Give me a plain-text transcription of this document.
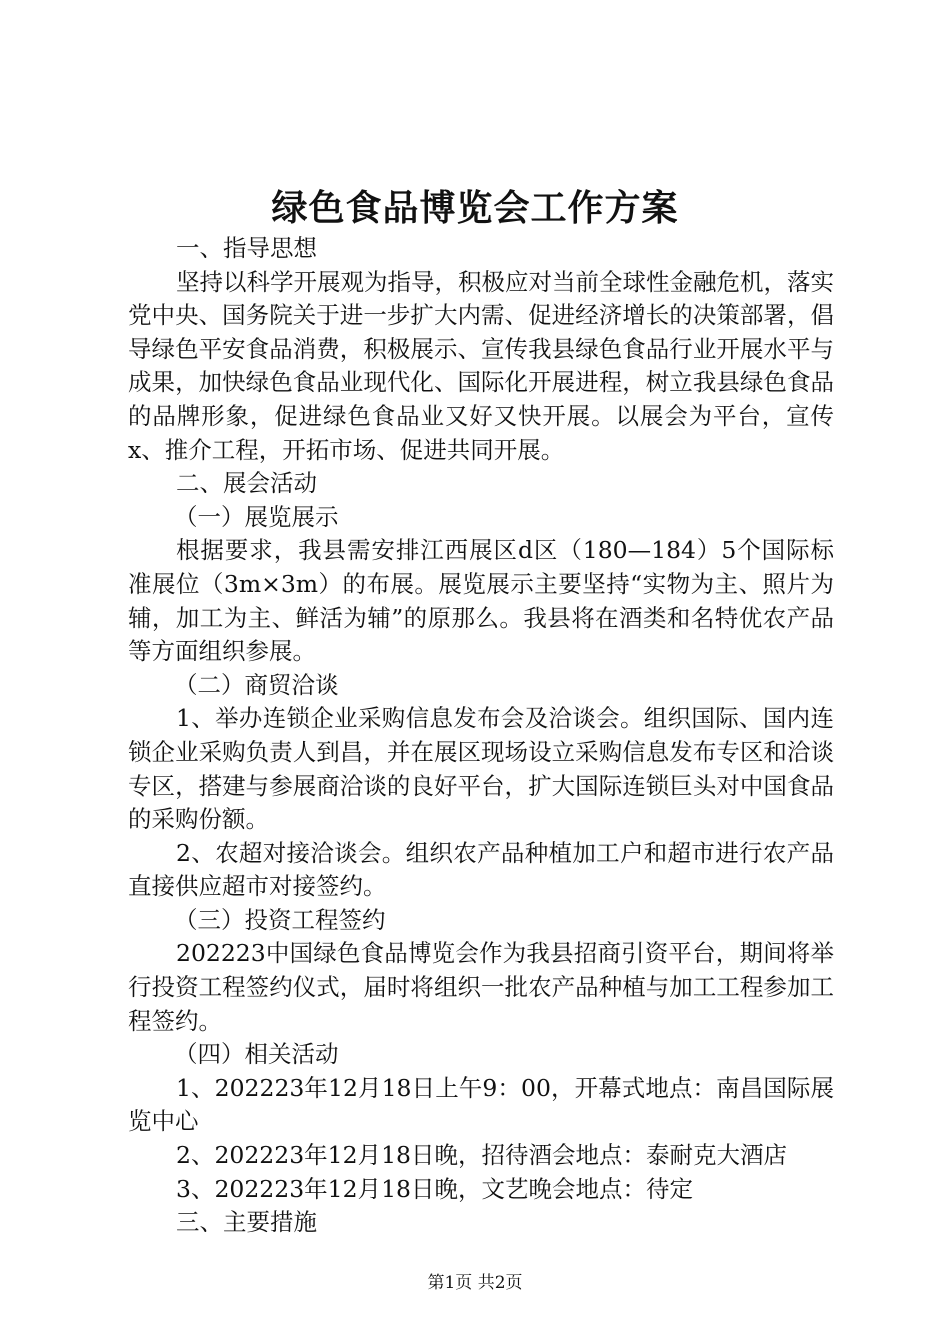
绿色食品博览会工作方案

一、指导思想

坚持以科学开展观为指导，积极应对当前全球性金融危机，落实党中央、国务院关于进一步扩大内需、促进经济增长的决策部署，倡导绿色平安食品消费，积极展示、宣传我县绿色食品行业开展水平与成果，加快绿色食品业现代化、国际化开展进程，树立我县绿色食品的品牌形象，促进绿色食品业又好又快开展。以展会为平台，宣传x、推介工程，开拓市场、促进共同开展。

二、展会活动

（一）展览展示

根据要求，我县需安排江西展区d区（180—184）5个国际标准展位（3m×3m）的布展。展览展示主要坚持“实物为主、照片为辅，加工为主、鲜活为辅”的原那么。我县将在酒类和名特优农产品等方面组织参展。

（二）商贸洽谈

1、举办连锁企业采购信息发布会及洽谈会。组织国际、国内连锁企业采购负责人到昌，并在展区现场设立采购信息发布专区和洽谈专区，搭建与参展商洽谈的良好平台，扩大国际连锁巨头对中国食品的采购份额。

2、农超对接洽谈会。组织农产品种植加工户和超市进行农产品直接供应超市对接签约。

（三）投资工程签约

202223中国绿色食品博览会作为我县招商引资平台，期间将举行投资工程签约仪式，届时将组织一批农产品种植与加工工程参加工程签约。

（四）相关活动

1、202223年12月18日上午9：00，开幕式地点：南昌国际展览中心

2、202223年12月18日晚，招待酒会地点：泰耐克大酒店

3、202223年12月18日晚，文艺晚会地点：待定

三、主要措施

第1页 共2页
